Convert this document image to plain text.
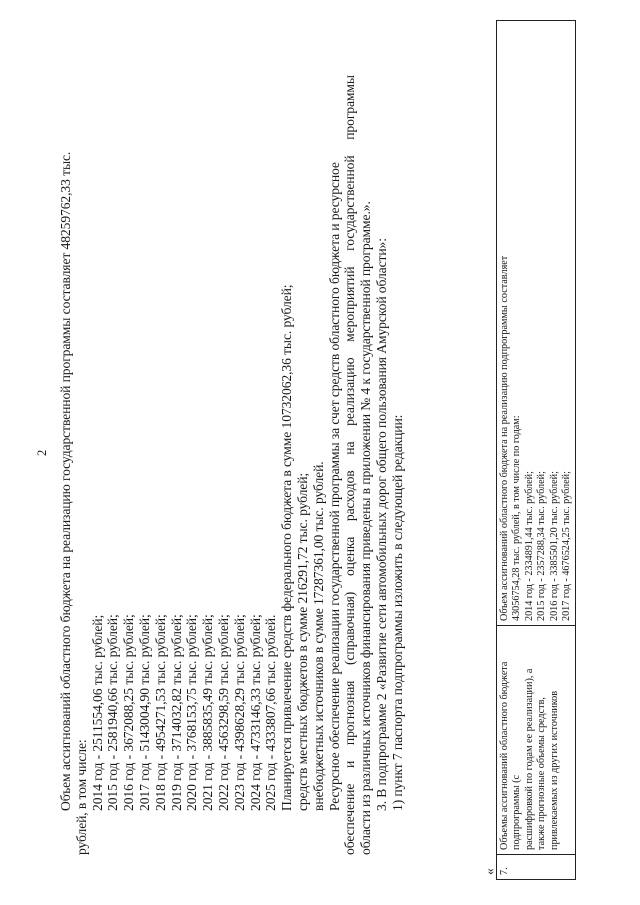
2 Объем ассигнований областного бюджета на реализацию государственной программы составляет 48259762,33 тыс. рублей, в том числе: 2014 год - 2511554,06 тыс. рублей; 2015 год - 2581940,66 тыс. рублей; 2016 год - 3672088,25 тыс. рублей; 2017 год - 5143004,90 тыс. рублей; 2018 год - 4954271,53 тыс. рублей; 2019 год - 3714032,82 тыс. рублей; 2020 год - 3768153,75 тыс. рублей; 2021 год - 3885835,49 тыс. рублей; 2022 год - 4563298,59 тыс. рублей; 2023 год - 4398628,29 тыс. рублей; 2024 год - 4733146,33 тыс. рублей; 2025 год - 4333807,66 тыс. рублей. Планируется привлечение средств федерального бюджета в сумме 10732062,36 тыс. рублей; средств местных бюджетов в сумме 216291,72 тыс. рублей; внебюджетных источников в сумме 17287361,00 тыс. рублей. Ресурсное обеспечение реализации государственной программы за счет средств областного бюджета и ресурсное

обеспечение
и
прогнозная
(справочная)
оценка
расходов
на
реализацию
мероприятий
государственной
программы

области из различных источников финансирования приведены в приложении № 4 к государственной программе.». 3. В подпрограмме 2 «Развитие сети автомобильных дорог общего пользования Амурской области»: 1) пункт 7 паспорта подпрограммы изложить в следующей редакции:

« 7.	
Объемы ассигнований областного бюджета подпрограммы (с расшифровкой по годам ее реализации), а также прогнозные объемы средств, привлекаемых из других источников

Объем ассигнований областного бюджета на реализацию подпрограммы составляет 43056754,28 тыс. рублей, в том числе по годам: 2014 год - 2334891,44 тыс. рублей; 2015 год - 2357288,34 тыс. рублей; 2016 год - 3385501,20 тыс. рублей; 2017 год - 4676524,25 тыс. рублей;
